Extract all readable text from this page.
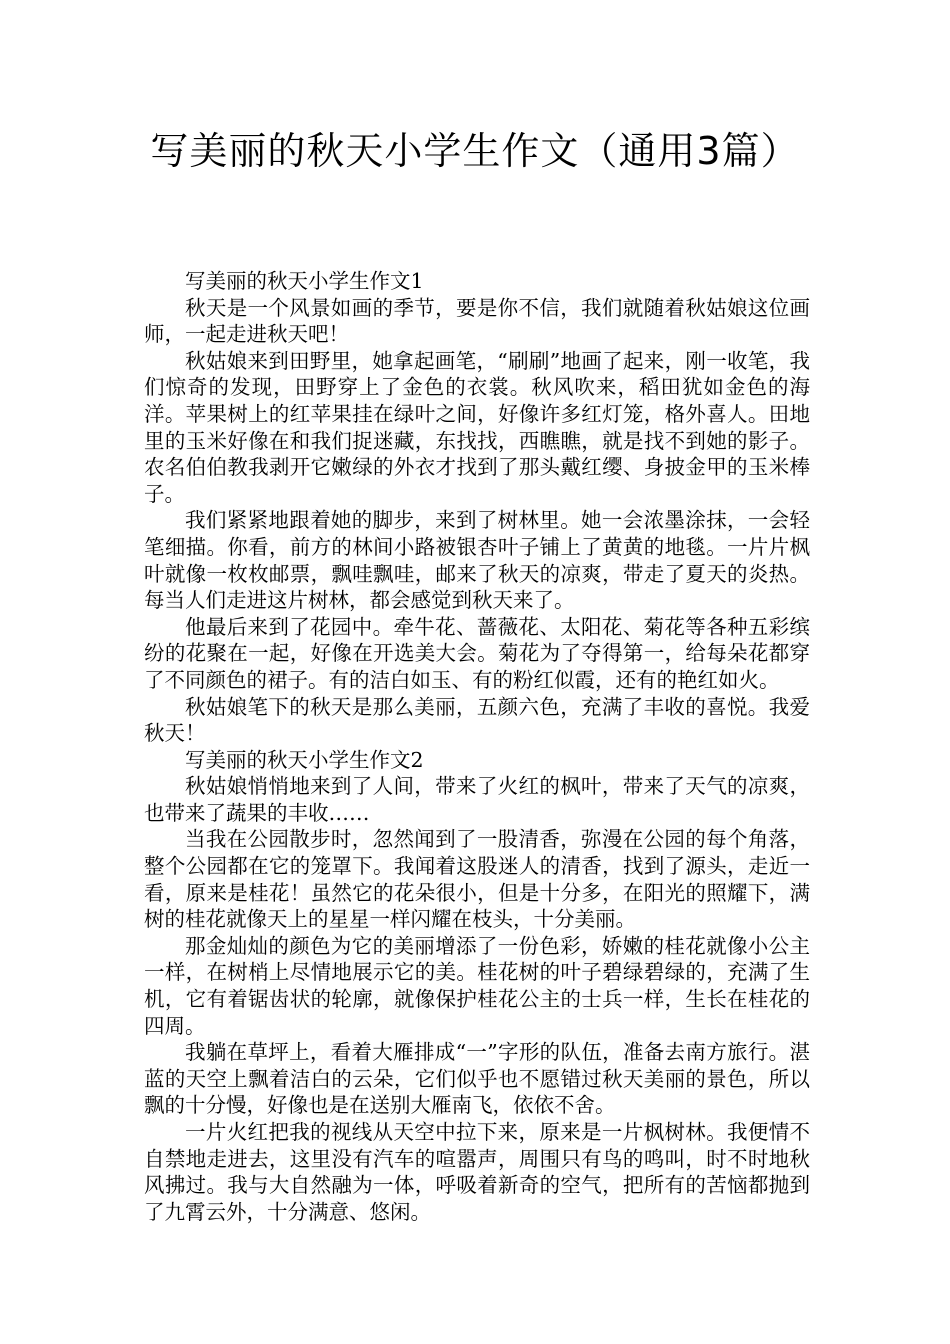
写美丽的秋天小学生作文（通用3篇）

写美丽的秋天小学生作文1

秋天是一个风景如画的季节，要是你不信，我们就随着秋姑娘这位画师，一起走进秋天吧！

秋姑娘来到田野里，她拿起画笔，“刷刷”地画了起来，刚一收笔，我们惊奇的发现，田野穿上了金色的衣裳。秋风吹来，稻田犹如金色的海洋。苹果树上的红苹果挂在绿叶之间，好像许多红灯笼，格外喜人。田地里的玉米好像在和我们捉迷藏，东找找，西瞧瞧，就是找不到她的影子。农名伯伯教我剥开它嫩绿的外衣才找到了那头戴红缨、身披金甲的玉米棒子。

我们紧紧地跟着她的脚步，来到了树林里。她一会浓墨涂抹，一会轻笔细描。你看，前方的林间小路被银杏叶子铺上了黄黄的地毯。一片片枫叶就像一枚枚邮票，飘哇飘哇，邮来了秋天的凉爽，带走了夏天的炎热。每当人们走进这片树林，都会感觉到秋天来了。

他最后来到了花园中。牵牛花、蔷薇花、太阳花、菊花等各种五彩缤纷的花聚在一起，好像在开选美大会。菊花为了夺得第一，给每朵花都穿了不同颜色的裙子。有的洁白如玉、有的粉红似霞，还有的艳红如火。

秋姑娘笔下的秋天是那么美丽，五颜六色，充满了丰收的喜悦。我爱秋天！

写美丽的秋天小学生作文2

秋姑娘悄悄地来到了人间，带来了火红的枫叶，带来了天气的凉爽，也带来了蔬果的丰收……

当我在公园散步时，忽然闻到了一股清香，弥漫在公园的每个角落，整个公园都在它的笼罩下。我闻着这股迷人的清香，找到了源头，走近一看，原来是桂花！虽然它的花朵很小，但是十分多，在阳光的照耀下，满树的桂花就像天上的星星一样闪耀在枝头，十分美丽。

那金灿灿的颜色为它的美丽增添了一份色彩，娇嫩的桂花就像小公主一样，在树梢上尽情地展示它的美。桂花树的叶子碧绿碧绿的，充满了生机，它有着锯齿状的轮廓，就像保护桂花公主的士兵一样，生长在桂花的四周。

我躺在草坪上，看着大雁排成“一”字形的队伍，准备去南方旅行。湛蓝的天空上飘着洁白的云朵，它们似乎也不愿错过秋天美丽的景色，所以飘的十分慢，好像也是在送别大雁南飞，依依不舍。

一片火红把我的视线从天空中拉下来，原来是一片枫树林。我便情不自禁地走进去，这里没有汽车的喧嚣声，周围只有鸟的鸣叫，时不时地秋风拂过。我与大自然融为一体，呼吸着新奇的空气，把所有的苦恼都抛到了九霄云外，十分满意、悠闲。
